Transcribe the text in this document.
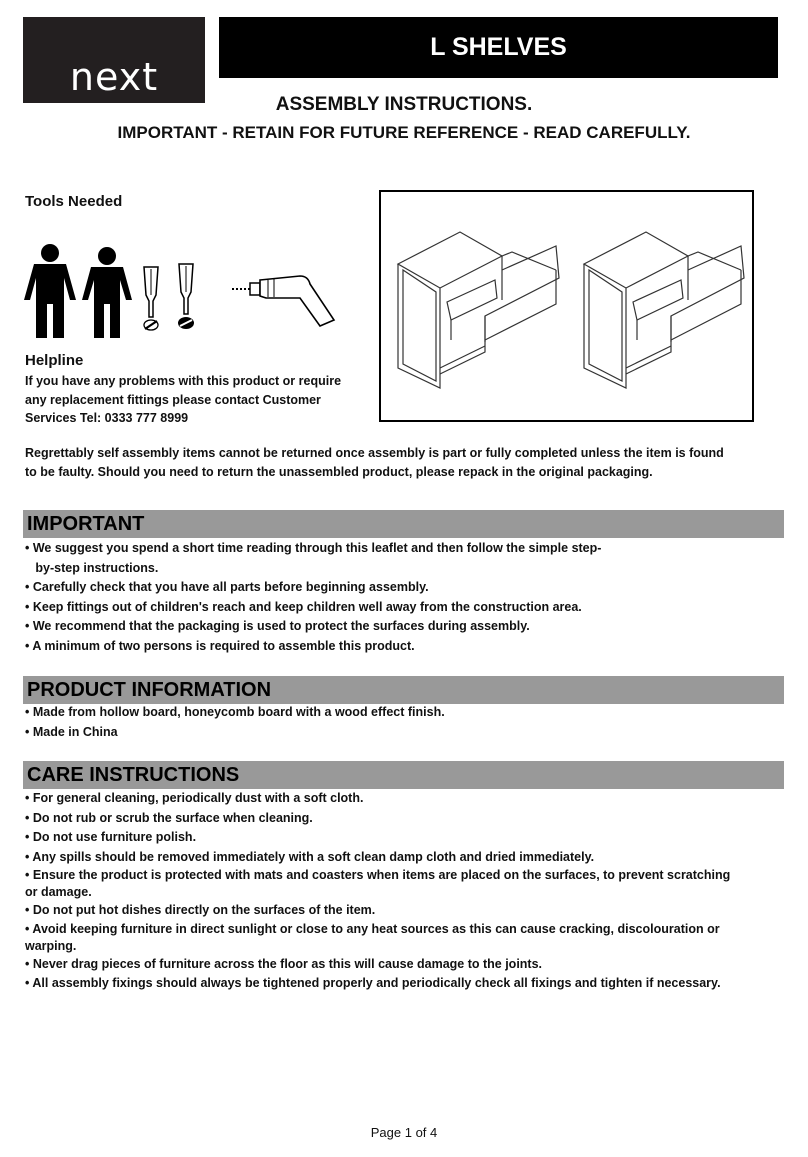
next
L SHELVES
ASSEMBLY INSTRUCTIONS.
IMPORTANT - RETAIN FOR FUTURE REFERENCE - READ CAREFULLY.
Tools Needed
Helpline
If you have any problems with this product or require
any replacement fittings please contact Customer
Services Tel: 0333 777 8999
Regrettably self assembly items cannot be returned once assembly is part or fully completed unless the item is found
to be faulty. Should you need to return the unassembled product, please repack in the original packaging.
IMPORTANT
• We suggest you spend a short time reading through this leaflet and then follow the simple step-
by-step instructions.
• Carefully check that you have all parts before beginning assembly.
• Keep fittings out of children's reach and keep children well away from the construction area.
• We recommend that the packaging is used to protect the surfaces during assembly.
• A minimum of two persons is required to assemble this product.
PRODUCT INFORMATION
• Made from hollow board, honeycomb board with a wood effect finish.
• Made in China
CARE INSTRUCTIONS
• For general cleaning, periodically dust with a soft cloth.
• Do not rub or scrub the surface when cleaning.
• Do not use furniture polish.
• Any spills should be removed immediately with a soft clean damp cloth and dried immediately.
• Ensure the product is protected with mats and coasters when items are placed on the surfaces, to prevent scratching
or damage.
• Do not put hot dishes directly on the surfaces of the item.
• Avoid keeping furniture in direct sunlight or close to any heat sources as this can cause cracking, discolouration or
warping.
• Never drag pieces of furniture across the floor as this will cause damage to the joints.
• All assembly fixings should always be tightened properly and periodically check all fixings and tighten if necessary.
Page 1 of 4
